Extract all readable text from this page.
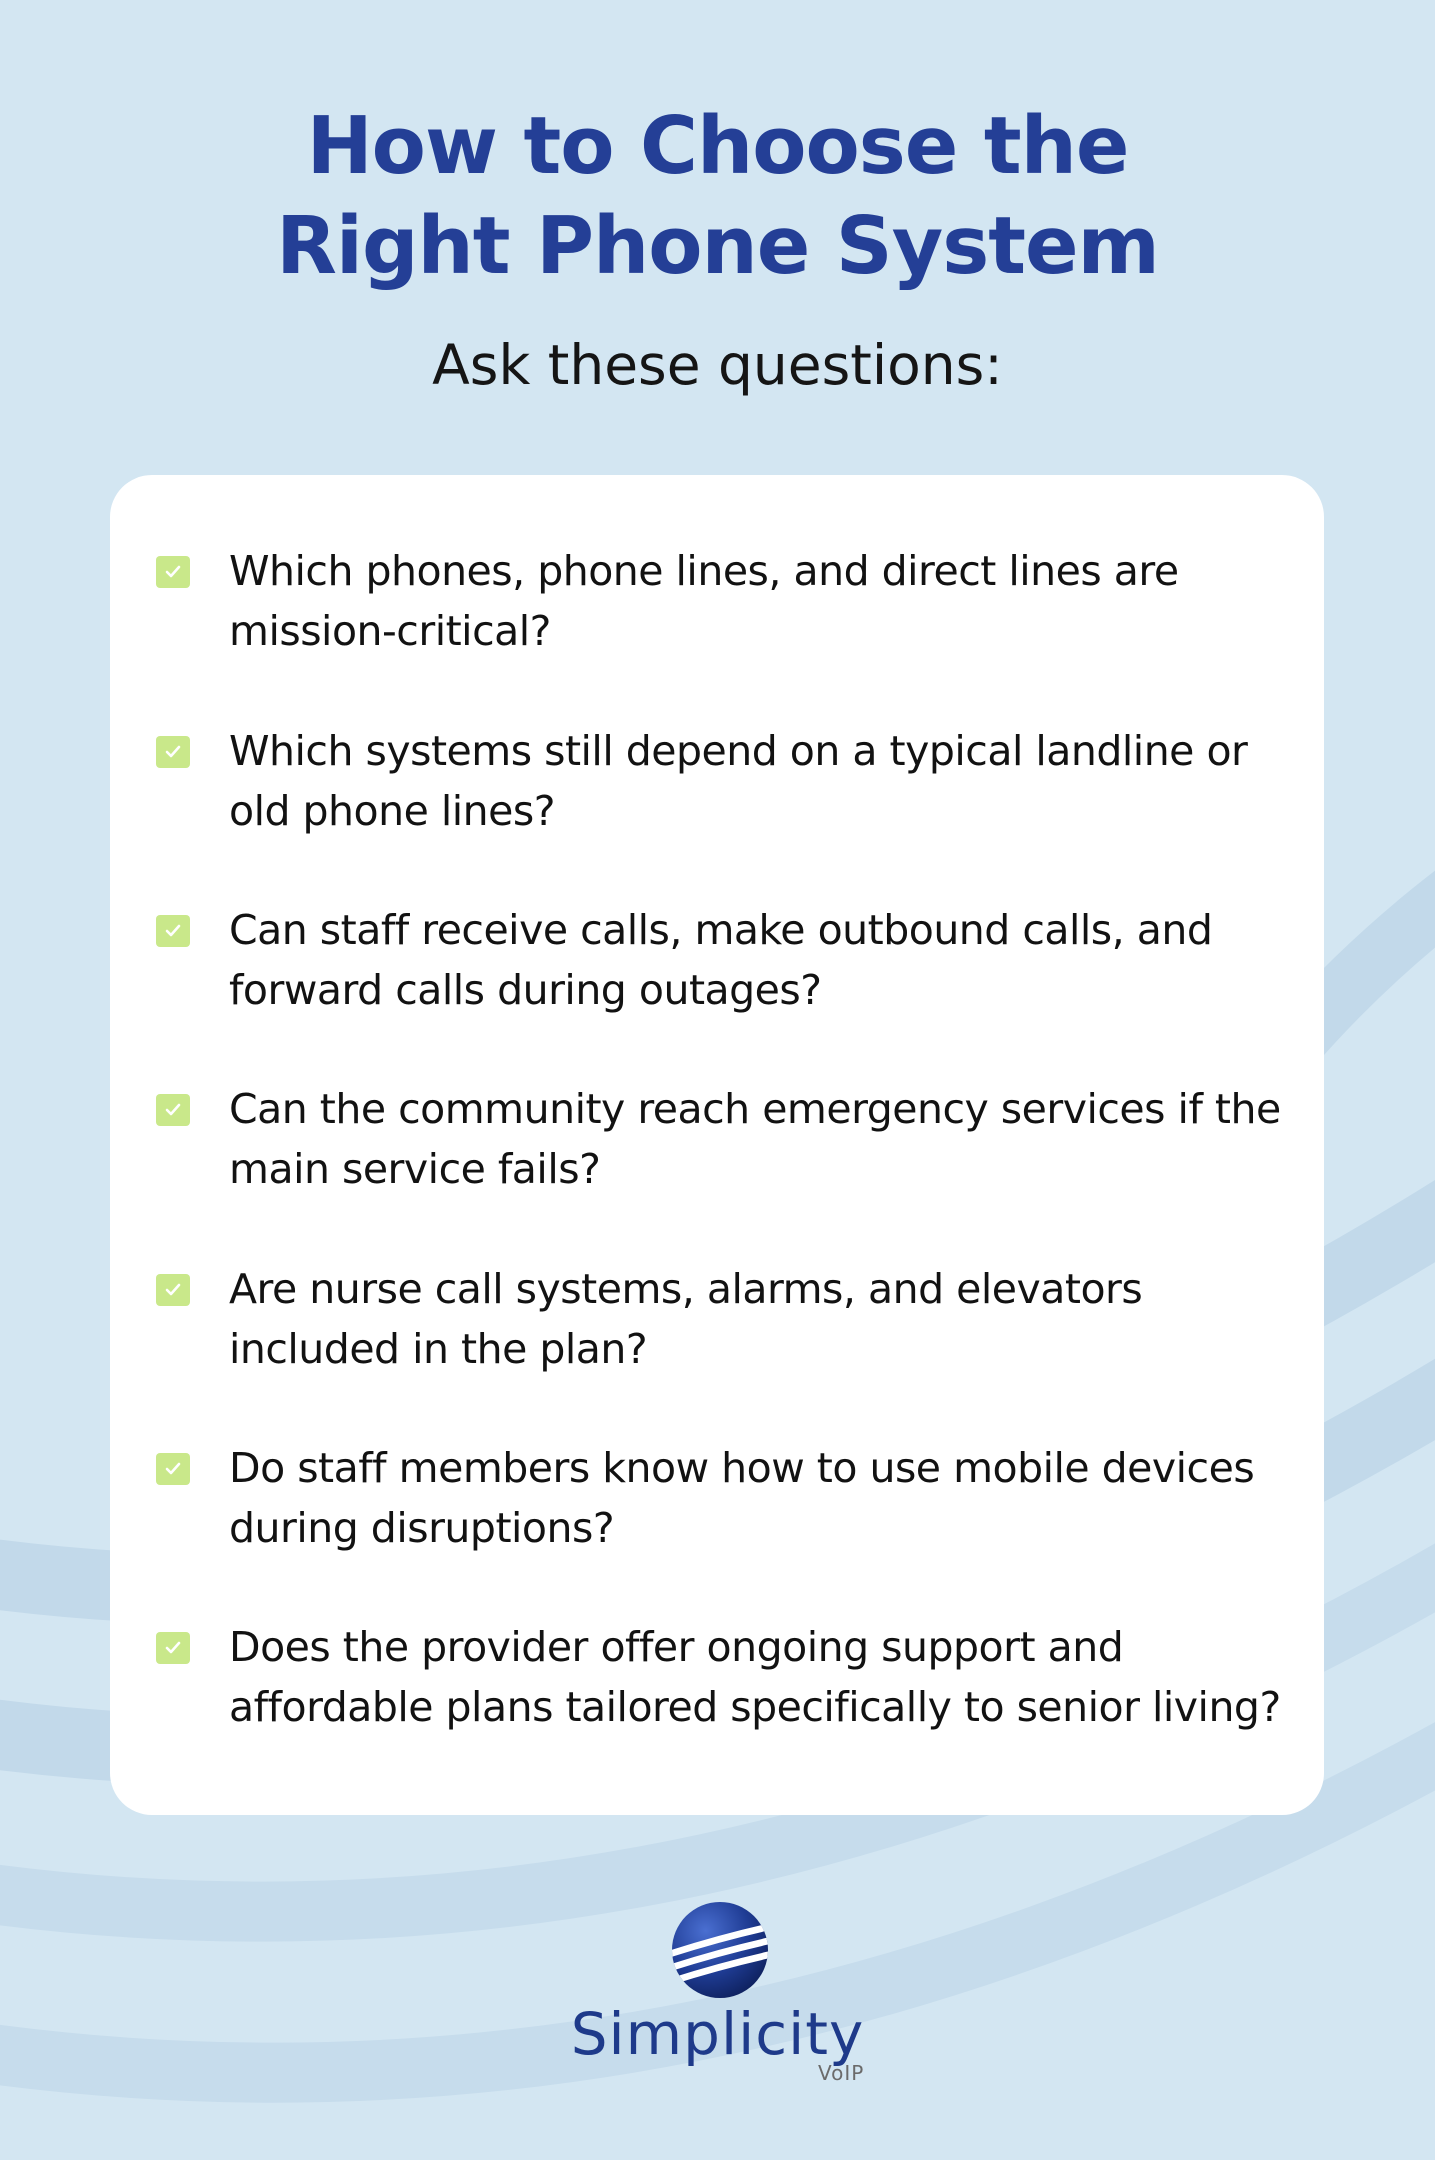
How to Choose the
Right Phone System
Ask these questions:
Which phones, phone lines, and direct lines are
mission-critical?
Which systems still depend on a typical landline or
old phone lines?
Can staff receive calls, make outbound calls, and
forward calls during outages?
Can the community reach emergency services if the
main service fails?
Are nurse call systems, alarms, and elevators
included in the plan?
Do staff members know how to use mobile devices
during disruptions?
Does the provider offer ongoing support and
affordable plans tailored specifically to senior living?
Simplicity
VoIP
